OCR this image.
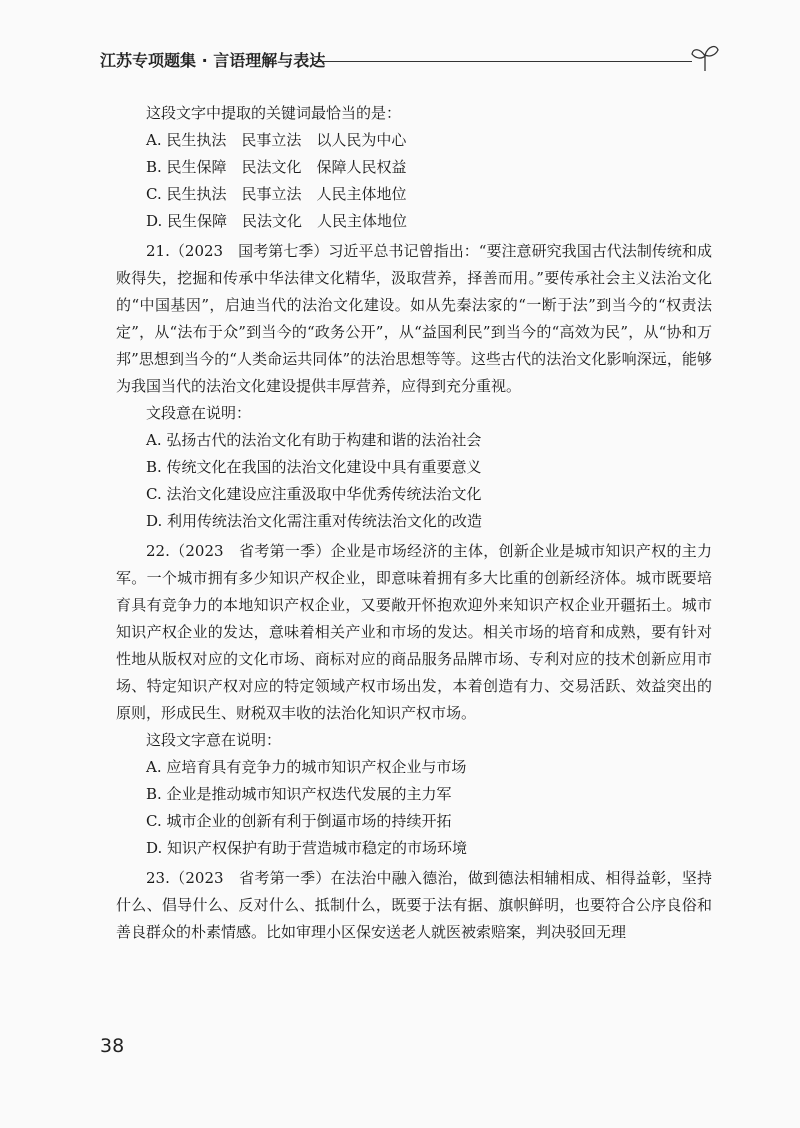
江苏专项题集 · 言语理解与表达

这段文字中提取的关键词最恰当的是：

A. 民生执法　民事立法　以人民为中心

B. 民生保障　民法文化　保障人民权益

C. 民生执法　民事立法　人民主体地位

D. 民生保障　民法文化　人民主体地位

21.（2023　国考第七季）习近平总书记曾指出：“要注意研究我国古代法制传统和成败得失，挖掘和传承中华法律文化精华，汲取营养，择善而用。”要传承社会主义法治文化的“中国基因”，启迪当代的法治文化建设。如从先秦法家的“一断于法”到当今的“权责法定”，从“法布于众”到当今的“政务公开”，从“益国利民”到当今的“高效为民”，从“协和万邦”思想到当今的“人类命运共同体”的法治思想等等。这些古代的法治文化影响深远，能够为我国当代的法治文化建设提供丰厚营养，应得到充分重视。

文段意在说明：

A. 弘扬古代的法治文化有助于构建和谐的法治社会

B. 传统文化在我国的法治文化建设中具有重要意义

C. 法治文化建设应注重汲取中华优秀传统法治文化

D. 利用传统法治文化需注重对传统法治文化的改造

22.（2023　省考第一季）企业是市场经济的主体，创新企业是城市知识产权的主力军。一个城市拥有多少知识产权企业，即意味着拥有多大比重的创新经济体。城市既要培育具有竞争力的本地知识产权企业，又要敞开怀抱欢迎外来知识产权企业开疆拓土。城市知识产权企业的发达，意味着相关产业和市场的发达。相关市场的培育和成熟，要有针对性地从版权对应的文化市场、商标对应的商品服务品牌市场、专利对应的技术创新应用市场、特定知识产权对应的特定领域产权市场出发，本着创造有力、交易活跃、效益突出的原则，形成民生、财税双丰收的法治化知识产权市场。

这段文字意在说明：

A. 应培育具有竞争力的城市知识产权企业与市场

B. 企业是推动城市知识产权迭代发展的主力军

C. 城市企业的创新有利于倒逼市场的持续开拓

D. 知识产权保护有助于营造城市稳定的市场环境

23.（2023　省考第一季）在法治中融入德治，做到德法相辅相成、相得益彰，坚持什么、倡导什么、反对什么、抵制什么，既要于法有据、旗帜鲜明，也要符合公序良俗和善良群众的朴素情感。比如审理小区保安送老人就医被索赔案，判决驳回无理

38
